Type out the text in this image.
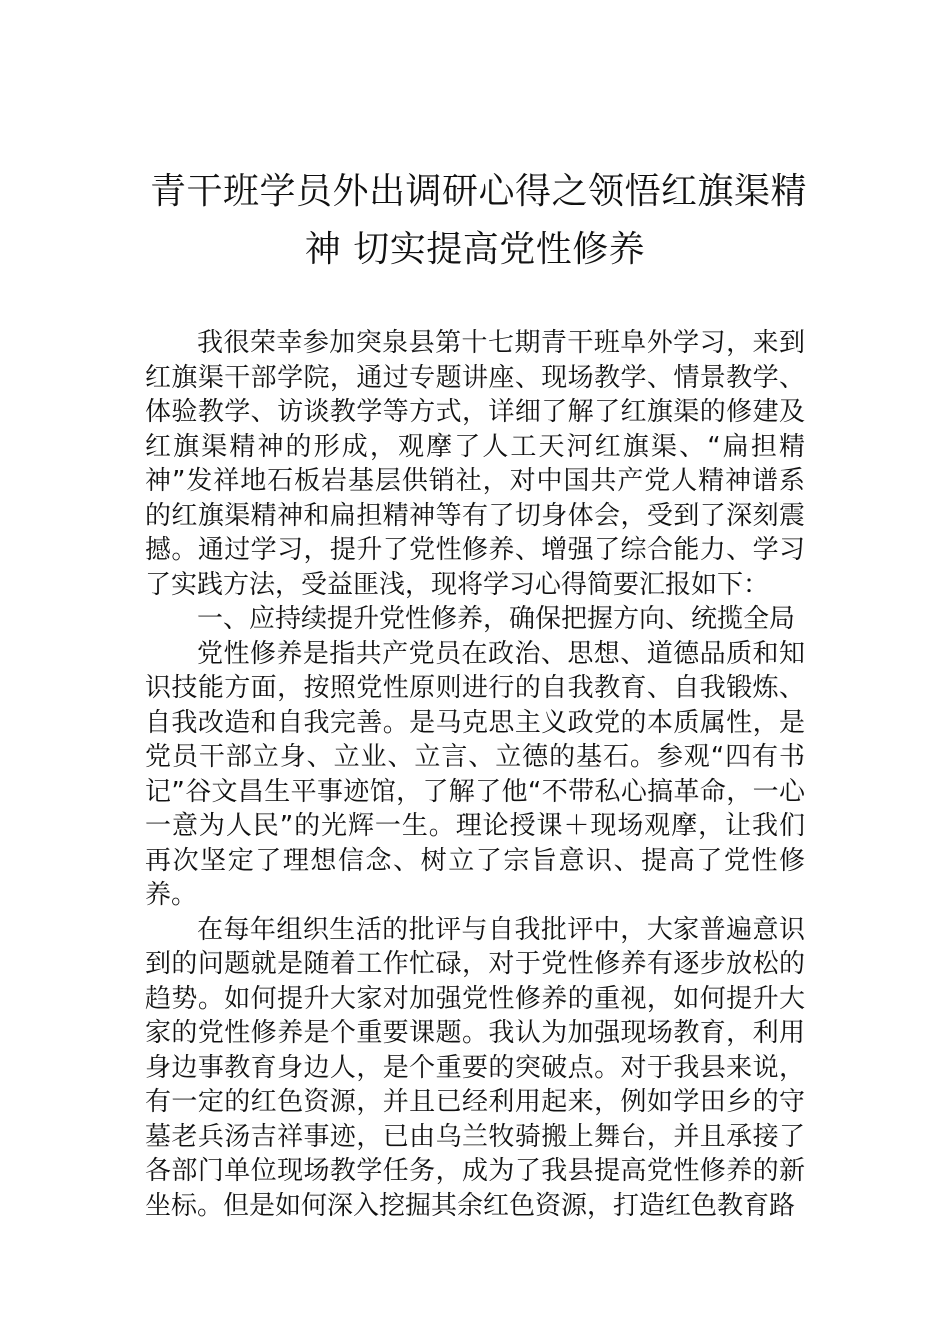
青干班学员外出调研心得之领悟红旗渠精
神 切实提高党性修养

我很荣幸参加突泉县第十七期青干班阜外学习，来到红旗渠干部学院，通过专题讲座、现场教学、情景教学、体验教学、访谈教学等方式，详细了解了红旗渠的修建及红旗渠精神的形成，观摩了人工天河红旗渠、“扁担精神”发祥地石板岩基层供销社，对中国共产党人精神谱系的红旗渠精神和扁担精神等有了切身体会，受到了深刻震撼。通过学习，提升了党性修养、增强了综合能力、学习了实践方法，受益匪浅，现将学习心得简要汇报如下：

一、应持续提升党性修养，确保把握方向、统揽全局

党性修养是指共产党员在政治、思想、道德品质和知识技能方面，按照党性原则进行的自我教育、自我锻炼、自我改造和自我完善。是马克思主义政党的本质属性，是党员干部立身、立业、立言、立德的基石。参观“四有书记”谷文昌生平事迹馆，了解了他“不带私心搞革命，一心一意为人民”的光辉一生。理论授课＋现场观摩，让我们再次坚定了理想信念、树立了宗旨意识、提高了党性修养。

在每年组织生活的批评与自我批评中，大家普遍意识到的问题就是随着工作忙碌，对于党性修养有逐步放松的趋势。如何提升大家对加强党性修养的重视，如何提升大家的党性修养是个重要课题。我认为加强现场教育，利用身边事教育身边人，是个重要的突破点。对于我县来说，有一定的红色资源，并且已经利用起来，例如学田乡的守墓老兵汤吉祥事迹，已由乌兰牧骑搬上舞台，并且承接了各部门单位现场教学任务，成为了我县提高党性修养的新坐标。但是如何深入挖掘其余红色资源，打造红色教育路
